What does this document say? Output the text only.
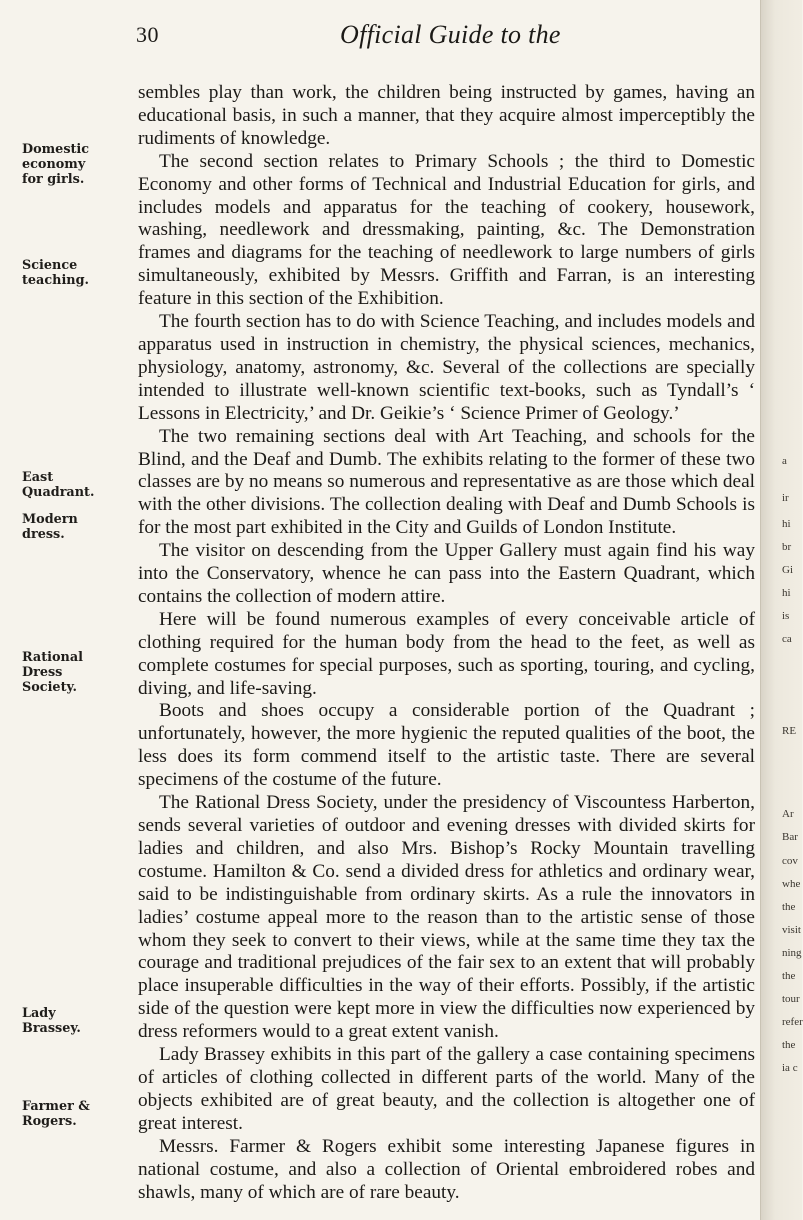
30	Official Guide to the
Domestic
economy
for girls.
Science
teaching.
East
Quadrant.
Modern
dress.
Rational
Dress
Society.
Lady
Brassey.
Farmer &
Rogers.

sembles play than work, the children being instructed by games, having an educational basis, in such a manner, that they acquire almost imperceptibly the rudiments of knowledge.

The second section relates to Primary Schools ; the third to Domestic Economy and other forms of Technical and Industrial Education for girls, and includes models and apparatus for the teaching of cookery, housework, washing, needlework and dressmaking, painting, &c. The Demonstration frames and diagrams for the teaching of needlework to large numbers of girls simultaneously, exhibited by Messrs. Griffith and Farran, is an interesting feature in this section of the Exhibition.

The fourth section has to do with Science Teaching, and includes models and apparatus used in instruction in chemistry, the physical sciences, mechanics, physiology, anatomy, astronomy, &c. Several of the collections are specially intended to illustrate well-known scientific text-books, such as Tyndall’s ‘ Lessons in Electricity,’ and Dr. Geikie’s ‘ Science Primer of Geology.’

The two remaining sections deal with Art Teaching, and schools for the Blind, and the Deaf and Dumb. The exhibits relating to the former of these two classes are by no means so numerous and representative as are those which deal with the other divisions. The collection dealing with Deaf and Dumb Schools is for the most part exhibited in the City and Guilds of London Institute.

The visitor on descending from the Upper Gallery must again find his way into the Conservatory, whence he can pass into the Eastern Quadrant, which contains the collection of modern attire.

Here will be found numerous examples of every conceivable article of clothing required for the human body from the head to the feet, as well as complete costumes for special purposes, such as sporting, touring, and cycling, diving, and life-saving.

Boots and shoes occupy a considerable portion of the Quadrant ; unfortunately, however, the more hygienic the reputed qualities of the boot, the less does its form commend itself to the artistic taste. There are several specimens of the costume of the future.

The Rational Dress Society, under the presidency of Viscountess Harberton, sends several varieties of outdoor and evening dresses with divided skirts for ladies and children, and also Mrs. Bishop’s Rocky Mountain travelling costume. Hamilton & Co. send a divided dress for athletics and ordinary wear, said to be indistinguishable from ordinary skirts. As a rule the innovators in ladies’ costume appeal more to the reason than to the artistic sense of those whom they seek to convert to their views, while at the same time they tax the courage and traditional prejudices of the fair sex to an extent that will probably place insuperable difficulties in the way of their efforts. Possibly, if the artistic side of the question were kept more in view the difficulties now experienced by dress reformers would to a great extent vanish.

Lady Brassey exhibits in this part of the gallery a case containing specimens of articles of clothing collected in different parts of the world. Many of the objects exhibited are of great beauty, and the collection is altogether one of great interest.

Messrs. Farmer & Rogers exhibit some interesting Japanese figures in national costume, and also a collection of Oriental embroidered robes and shawls, many of which are of rare beauty.

a
ir
hi
br
Gi
hi
is
ca
RE
Ar
Bar
cov
whe
the
visit
ning
the
tour
refer
the
ia c
